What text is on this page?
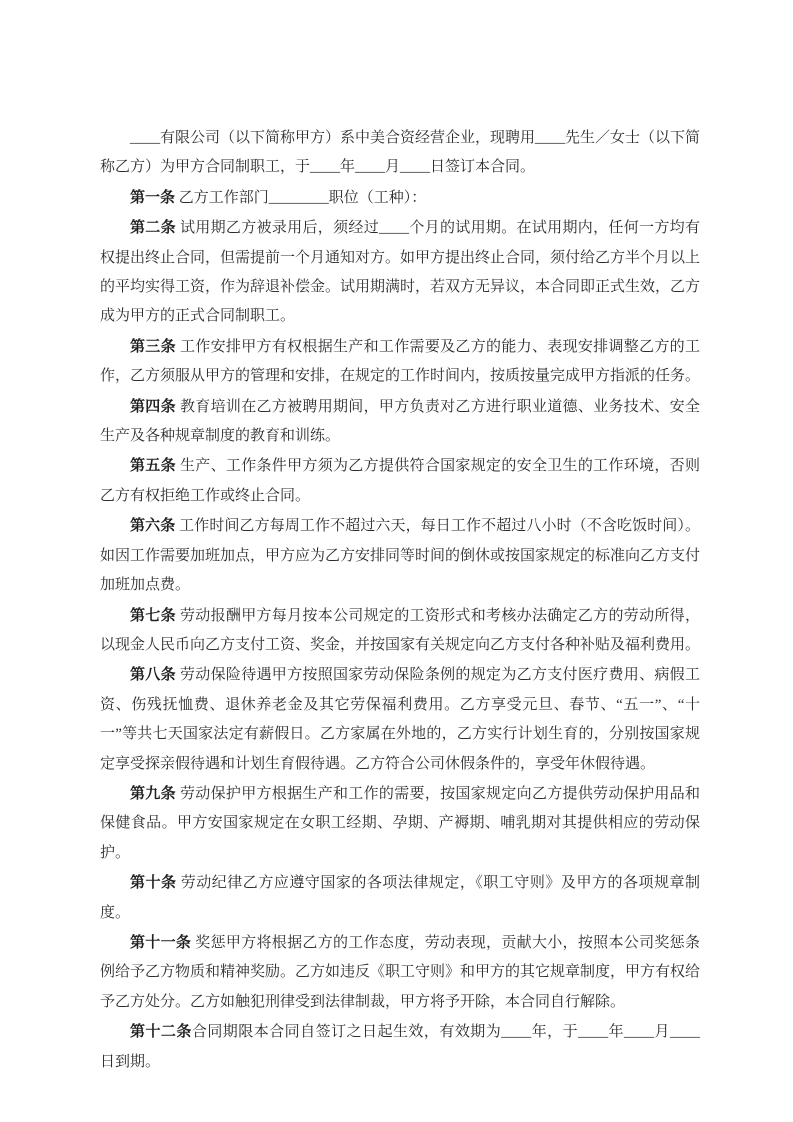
____有限公司（以下简称甲方）系中美合资经营企业，现聘用____先生／女士（以下简称乙方）为甲方合同制职工，于____年____月____日签订本合同。

第一条 乙方工作部门________职位（工种）：

第二条 试用期乙方被录用后，须经过____个月的试用期。在试用期内，任何一方均有权提出终止合同，但需提前一个月通知对方。如甲方提出终止合同，须付给乙方半个月以上的平均实得工资，作为辞退补偿金。试用期满时，若双方无异议，本合同即正式生效，乙方成为甲方的正式合同制职工。

第三条 工作安排甲方有权根据生产和工作需要及乙方的能力、表现安排调整乙方的工作，乙方须服从甲方的管理和安排，在规定的工作时间内，按质按量完成甲方指派的任务。

第四条 教育培训在乙方被聘用期间，甲方负责对乙方进行职业道德、业务技术、安全生产及各种规章制度的教育和训练。

第五条 生产、工作条件甲方须为乙方提供符合国家规定的安全卫生的工作环境，否则乙方有权拒绝工作或终止合同。

第六条 工作时间乙方每周工作不超过六天，每日工作不超过八小时（不含吃饭时间）。如因工作需要加班加点，甲方应为乙方安排同等时间的倒休或按国家规定的标准向乙方支付加班加点费。

第七条 劳动报酬甲方每月按本公司规定的工资形式和考核办法确定乙方的劳动所得，以现金人民币向乙方支付工资、奖金，并按国家有关规定向乙方支付各种补贴及福利费用。

第八条 劳动保险待遇甲方按照国家劳动保险条例的规定为乙方支付医疗费用、病假工资、伤残抚恤费、退休养老金及其它劳保福利费用。乙方享受元旦、春节、“五一”、“十一”等共七天国家法定有薪假日。乙方家属在外地的，乙方实行计划生育的，分别按国家规定享受探亲假待遇和计划生育假待遇。乙方符合公司休假条件的，享受年休假待遇。

第九条 劳动保护甲方根据生产和工作的需要，按国家规定向乙方提供劳动保护用品和保健食品。甲方安国家规定在女职工经期、孕期、产褥期、哺乳期对其提供相应的劳动保护。

第十条 劳动纪律乙方应遵守国家的各项法律规定，《职工守则》及甲方的各项规章制度。

第十一条 奖惩甲方将根据乙方的工作态度，劳动表现，贡献大小，按照本公司奖惩条例给予乙方物质和精神奖励。乙方如违反《职工守则》和甲方的其它规章制度，甲方有权给予乙方处分。乙方如触犯刑律受到法律制裁，甲方将予开除，本合同自行解除。

第十二条合同期限本合同自签订之日起生效，有效期为____年，于____年____月____日到期。
